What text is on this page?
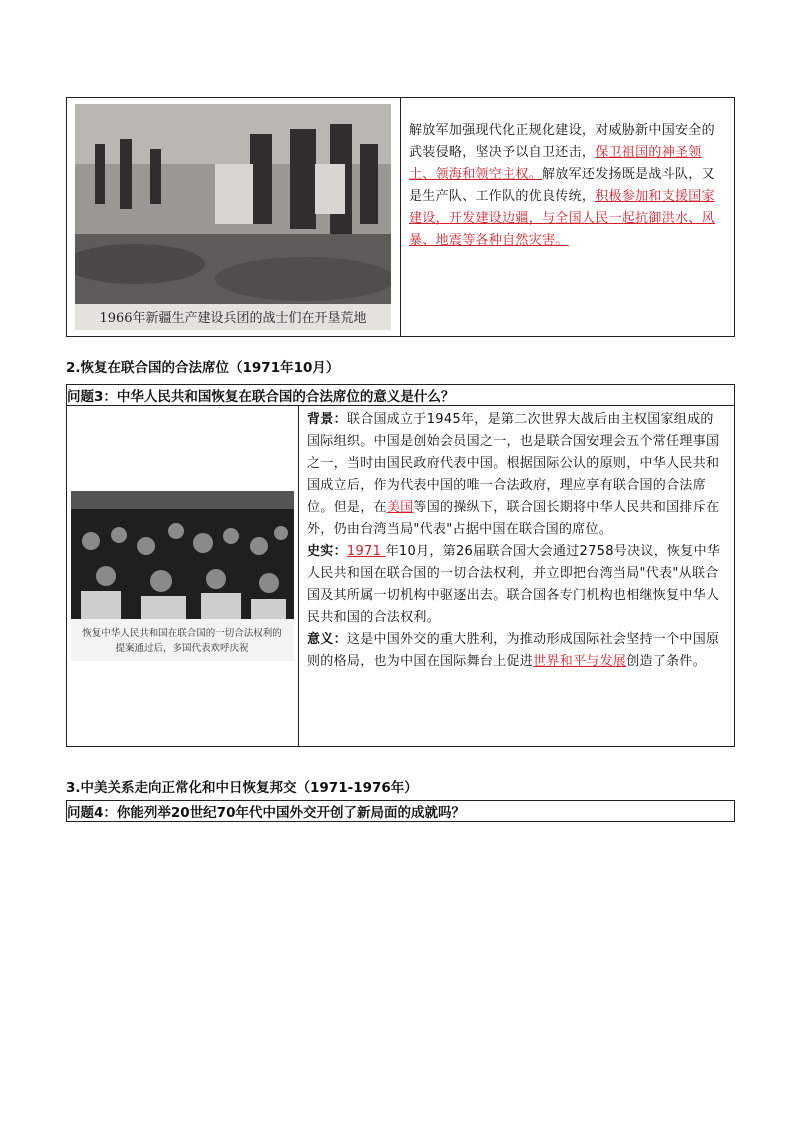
1966年新疆生产建设兵团的战士们在开垦荒地

解放军加强现代化正规化建设，对威胁新中国安全的武装侵略，坚决予以自卫还击，保卫祖国的神圣领土、领海和领空主权。解放军还发扬既是战斗队，又是生产队、工作队的优良传统，积极参加和支援国家建设，开发建设边疆，与全国人民一起抗御洪水、风暴、地震等各种自然灾害。
2.恢复在联合国的合法席位（1971年10月）
问题3：中华人民共和国恢复在联合国的合法席位的意义是什么？

恢复中华人民共和国在联合国的一切合法权利的
提案通过后，多国代表欢呼庆祝

背景：联合国成立于1945年，是第二次世界大战后由主权国家组成的国际组织。中国是创始会员国之一，也是联合国安理会五个常任理事国之一，当时由国民政府代表中国。根据国际公认的原则，中华人民共和国成立后，作为代表中国的唯一合法政府，理应享有联合国的合法席位。但是，在美国等国的操纵下，联合国长期将中华人民共和国排斥在外，仍由台湾当局"代表"占据中国在联合国的席位。
史实：1971 年10月，第26届联合国大会通过2758号决议，恢复中华人民共和国在联合国的一切合法权利，并立即把台湾当局"代表"从联合国及其所属一切机构中驱逐出去。联合国各专门机构也相继恢复中华人民共和国的合法权利。
意义：这是中国外交的重大胜利，为推动形成国际社会坚持一个中国原则的格局，也为中国在国际舞台上促进世界和平与发展创造了条件。
3.中美关系走向正常化和中日恢复邦交（1971-1976年）
问题4：你能列举20世纪70年代中国外交开创了新局面的成就吗？
